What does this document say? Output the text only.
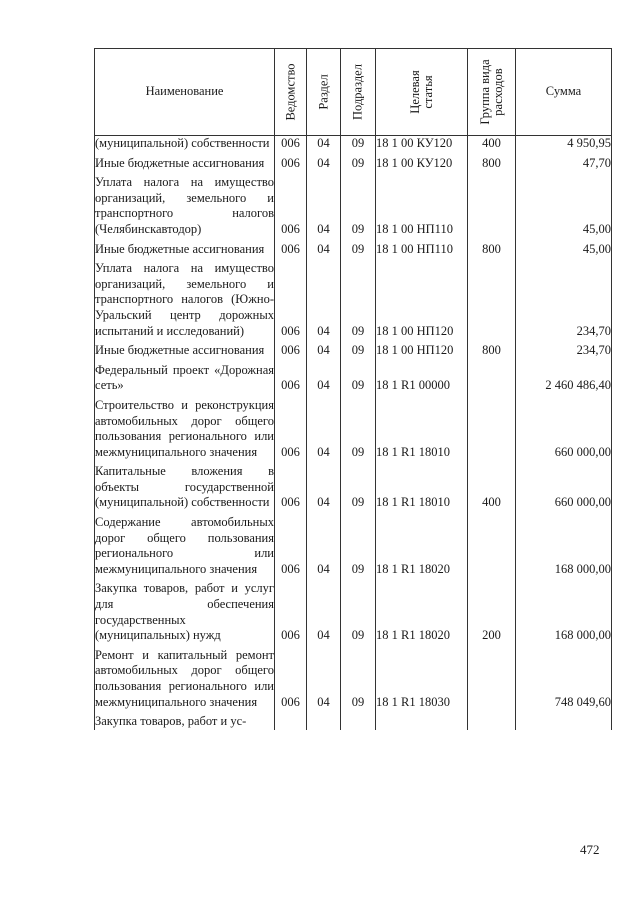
Наименование	Ведомство	Раздел	Подраздел	Целевая статья	Группа вида расходов	Сумма
(муниципальной) собственности	006	04	09	18 1 00 КУ120	400	4 950,95

Иные бюджетные ассигнования	006	04	09	18 1 00 КУ120	800	47,70

Уплата налога на имущество организаций, земельного и транспортного налогов (Челябинскавтодор)	006	04	09	18 1 00 НП110		45,00

Иные бюджетные ассигнования	006	04	09	18 1 00 НП110	800	45,00

Уплата налога на имущество организаций, земельного и транспортного налогов (Южно-Уральский центр дорожных испытаний и исследований)	006	04	09	18 1 00 НП120		234,70

Иные бюджетные ассигнования	006	04	09	18 1 00 НП120	800	234,70

Федеральный проект «Дорожная сеть»	006	04	09	18 1 R1 00000		2 460 486,40

Строительство и реконструкция автомобильных дорог общего пользования регионального или межмуниципального значения	006	04	09	18 1 R1 18010		660 000,00

Капитальные вложения в объекты государственной (муниципальной) собственности	006	04	09	18 1 R1 18010	400	660 000,00

Содержание автомобильных дорог общего пользования регионального или межмуниципального значения	006	04	09	18 1 R1 18020		168 000,00

Закупка товаров, работ и услуг для обеспечения государственных (муниципальных) нужд	006	04	09	18 1 R1 18020	200	168 000,00

Ремонт и капитальный ремонт автомобильных дорог общего пользования регионального или межмуниципального значения	006	04	09	18 1 R1 18030		748 049,60

Закупка товаров, работ и ус-						
472
